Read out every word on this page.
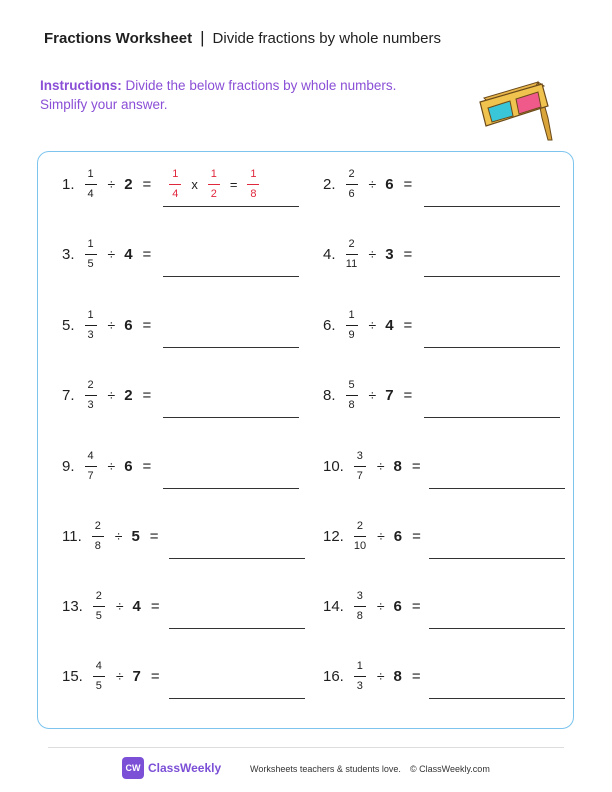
Fractions Worksheet | Divide fractions by whole numbers
Instructions: Divide the below fractions by whole numbers. Simplify your answer.
1. $\frac{1}{4} \div 2 = \frac{1}{4}$ x $\frac{1}{2} = \frac{1}{8}$	2. $\frac{2}{6} \div 6$ =
3. $\frac{1}{5} \div 4$ =	4. $\frac{2}{11} \div 3$ =
5. $\frac{1}{3} \div 6$ =	6. $\frac{1}{9} \div 4$ =
7. $\frac{2}{3} \div 2$ =	8. $\frac{5}{8} \div 7$ =
9. $\frac{4}{7} \div 6$ =	10. $\frac{3}{7} \div 8$ =
11. $\frac{2}{8} \div 5$ =	12. $\frac{2}{10} \div 6$ =
13. $\frac{2}{5} \div 4$ =	14. $\frac{3}{8} \div 6$ =
15. $\frac{4}{5} \div 7$ =	16. $\frac{1}{3} \div 8$ =
CW ClassWeekly	Worksheets teachers & students love. © ClassWeekly.com
